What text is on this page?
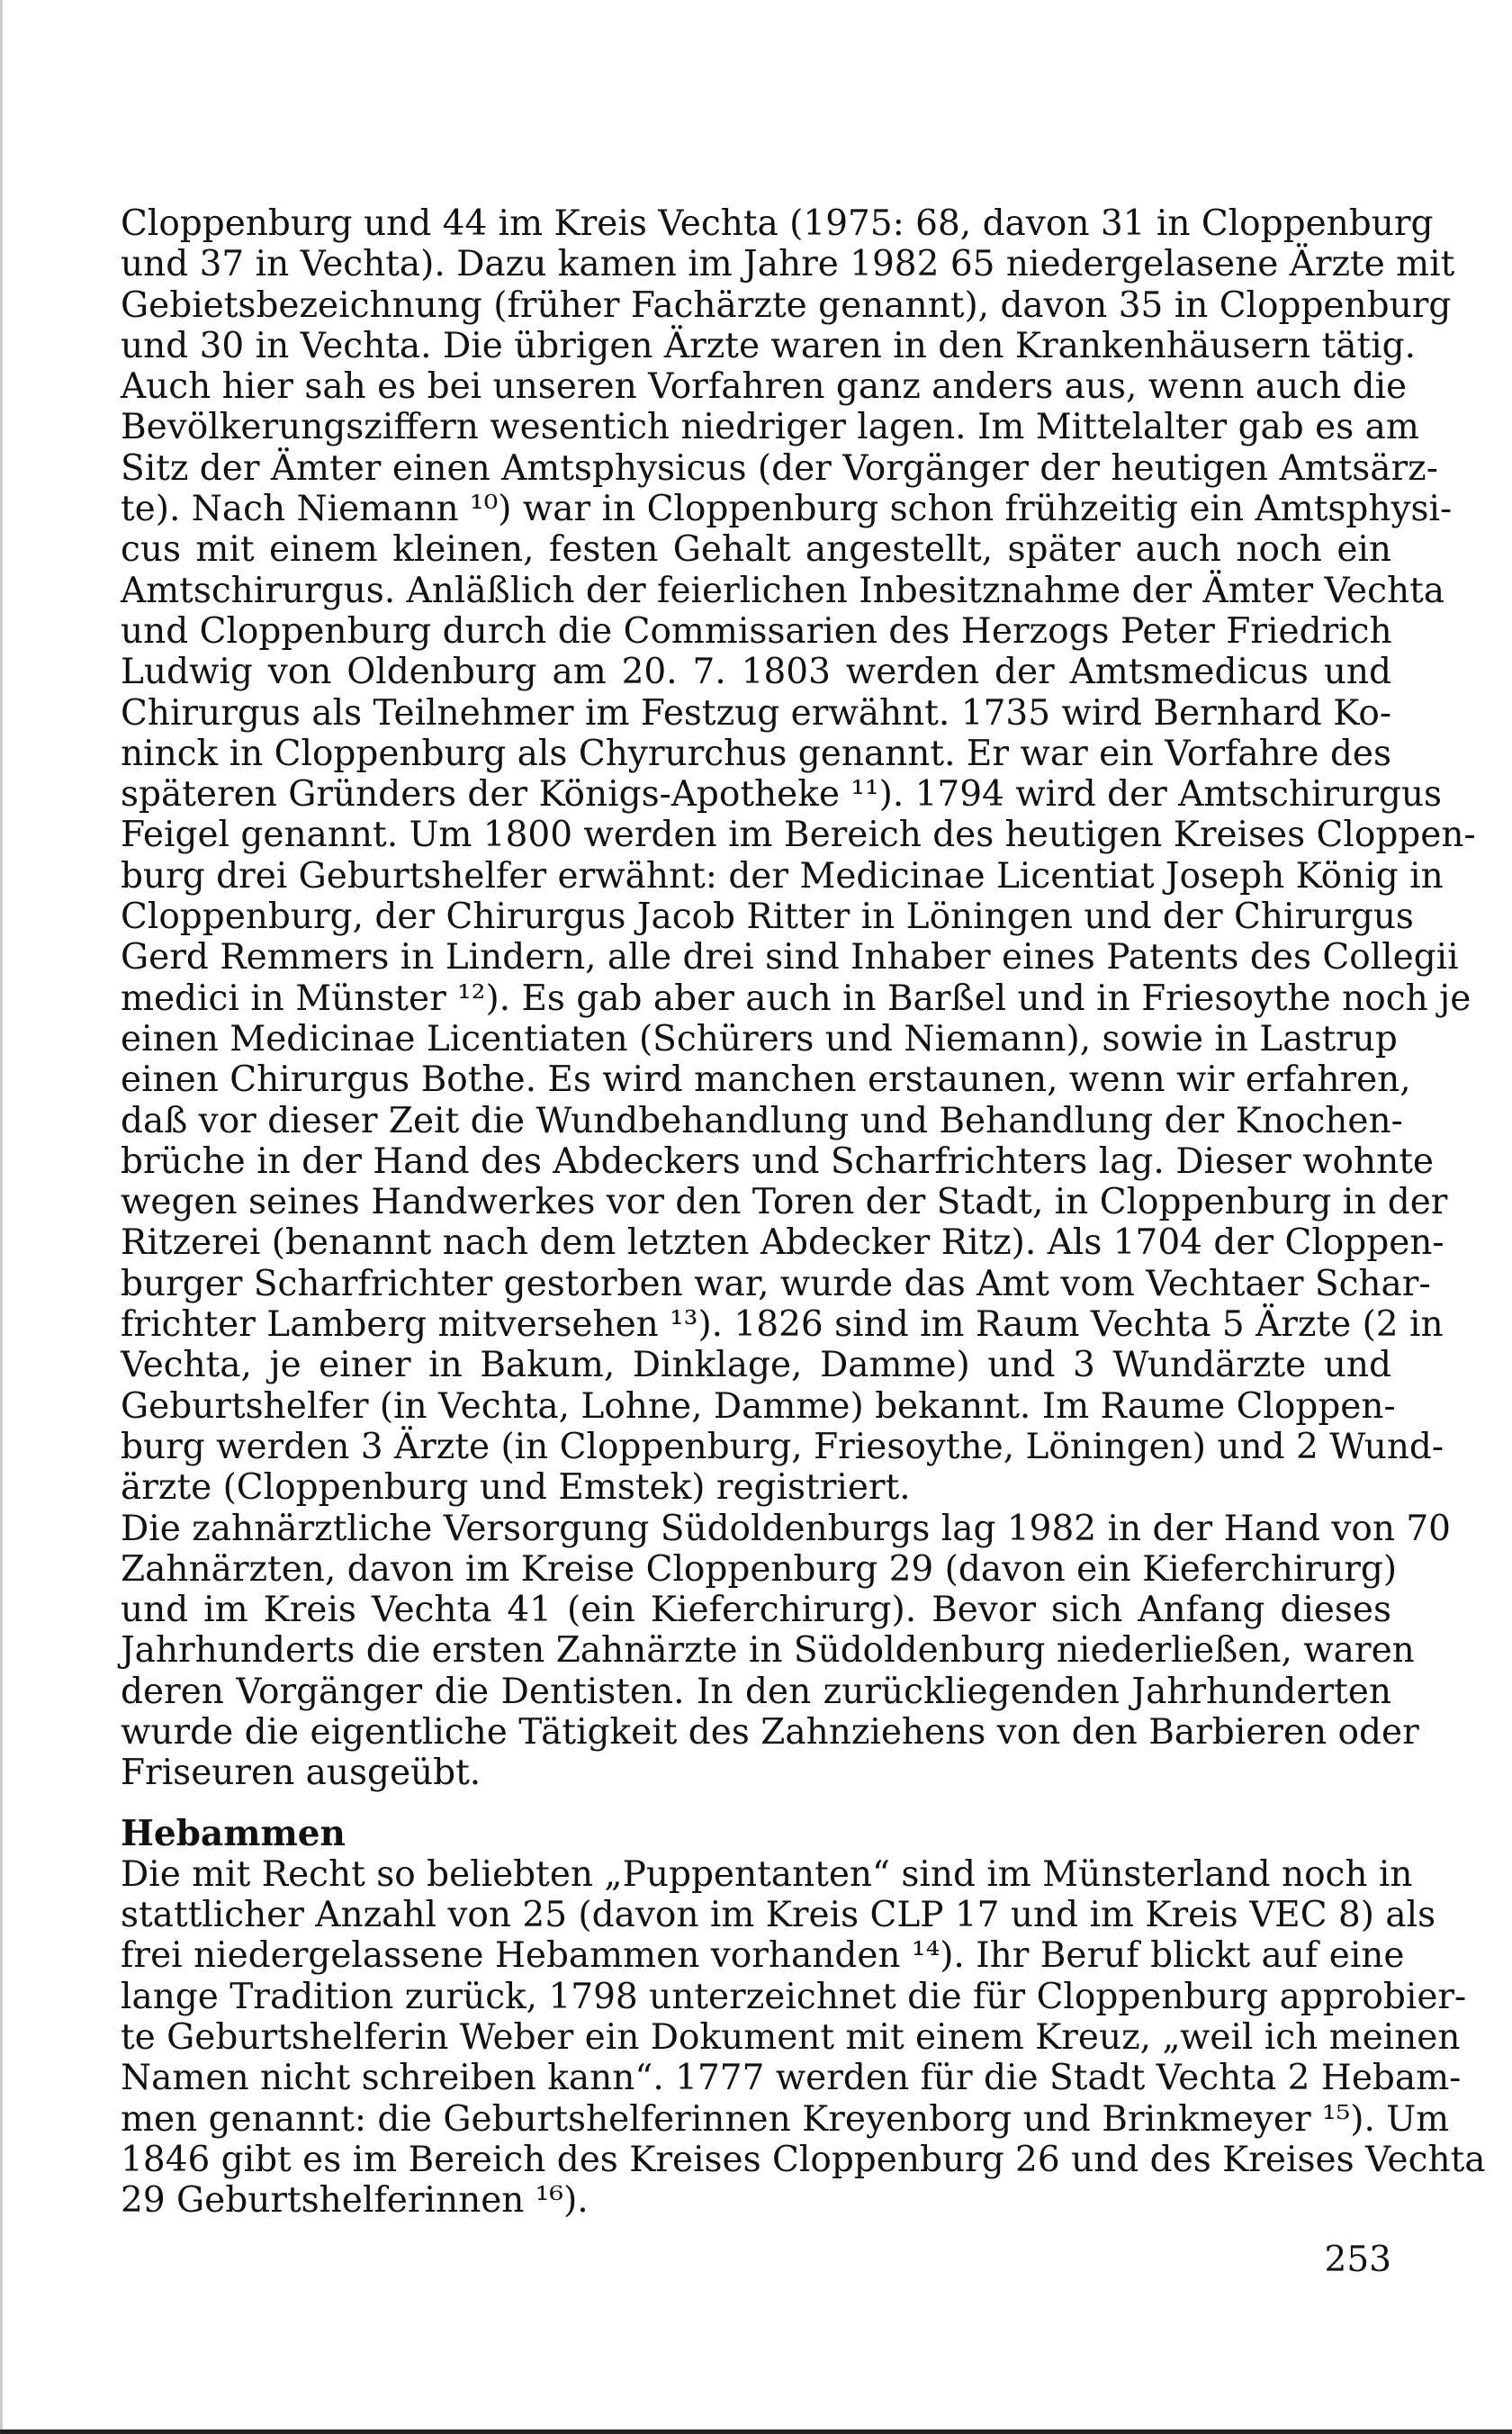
Cloppenburg und 44 im Kreis Vechta (1975: 68, davon 31 in Cloppenburg
und 37 in Vechta). Dazu kamen im Jahre 1982 65 niedergelasene Ärzte mit
Gebietsbezeichnung (früher Fachärzte genannt), davon 35 in Cloppenburg
und 30 in Vechta. Die übrigen Ärzte waren in den Krankenhäusern tätig.
Auch hier sah es bei unseren Vorfahren ganz anders aus, wenn auch die
Bevölkerungsziffern wesentich niedriger lagen. Im Mittelalter gab es am
Sitz der Ämter einen Amtsphysicus (der Vorgänger der heutigen Amtsärz-
te). Nach Niemann ¹⁰) war in Cloppenburg schon frühzeitig ein Amtsphysi-
cus mit einem kleinen, festen Gehalt angestellt, später auch noch ein
Amtschirurgus. Anläßlich der feierlichen Inbesitznahme der Ämter Vechta
und Cloppenburg durch die Commissarien des Herzogs Peter Friedrich
Ludwig von Oldenburg am 20. 7. 1803 werden der Amtsmedicus und
Chirurgus als Teilnehmer im Festzug erwähnt. 1735 wird Bernhard Ko-
ninck in Cloppenburg als Chyrurchus genannt. Er war ein Vorfahre des
späteren Gründers der Königs-Apotheke ¹¹). 1794 wird der Amtschirurgus
Feigel genannt. Um 1800 werden im Bereich des heutigen Kreises Cloppen-
burg drei Geburtshelfer erwähnt: der Medicinae Licentiat Joseph König in
Cloppenburg, der Chirurgus Jacob Ritter in Löningen und der Chirurgus
Gerd Remmers in Lindern, alle drei sind Inhaber eines Patents des Collegii
medici in Münster ¹²). Es gab aber auch in Barßel und in Friesoythe noch je
einen Medicinae Licentiaten (Schürers und Niemann), sowie in Lastrup
einen Chirurgus Bothe. Es wird manchen erstaunen, wenn wir erfahren,
daß vor dieser Zeit die Wundbehandlung und Behandlung der Knochen-
brüche in der Hand des Abdeckers und Scharfrichters lag. Dieser wohnte
wegen seines Handwerkes vor den Toren der Stadt, in Cloppenburg in der
Ritzerei (benannt nach dem letzten Abdecker Ritz). Als 1704 der Cloppen-
burger Scharfrichter gestorben war, wurde das Amt vom Vechtaer Schar-
frichter Lamberg mitversehen ¹³). 1826 sind im Raum Vechta 5 Ärzte (2 in
Vechta, je einer in Bakum, Dinklage, Damme) und 3 Wundärzte und
Geburtshelfer (in Vechta, Lohne, Damme) bekannt. Im Raume Cloppen-
burg werden 3 Ärzte (in Cloppenburg, Friesoythe, Löningen) und 2 Wund-
ärzte (Cloppenburg und Emstek) registriert.
Die zahnärztliche Versorgung Südoldenburgs lag 1982 in der Hand von 70
Zahnärzten, davon im Kreise Cloppenburg 29 (davon ein Kieferchirurg)
und im Kreis Vechta 41 (ein Kieferchirurg). Bevor sich Anfang dieses
Jahrhunderts die ersten Zahnärzte in Südoldenburg niederließen, waren
deren Vorgänger die Dentisten. In den zurückliegenden Jahrhunderten
wurde die eigentliche Tätigkeit des Zahnziehens von den Barbieren oder
Friseuren ausgeübt.
Hebammen
Die mit Recht so beliebten „Puppentanten“ sind im Münsterland noch in
stattlicher Anzahl von 25 (davon im Kreis CLP 17 und im Kreis VEC 8) als
frei niedergelassene Hebammen vorhanden ¹⁴). Ihr Beruf blickt auf eine
lange Tradition zurück, 1798 unterzeichnet die für Cloppenburg approbier-
te Geburtshelferin Weber ein Dokument mit einem Kreuz, „weil ich meinen
Namen nicht schreiben kann“. 1777 werden für die Stadt Vechta 2 Hebam-
men genannt: die Geburtshelferinnen Kreyenborg und Brinkmeyer ¹⁵). Um
1846 gibt es im Bereich des Kreises Cloppenburg 26 und des Kreises Vechta
29 Geburtshelferinnen ¹⁶).
253
